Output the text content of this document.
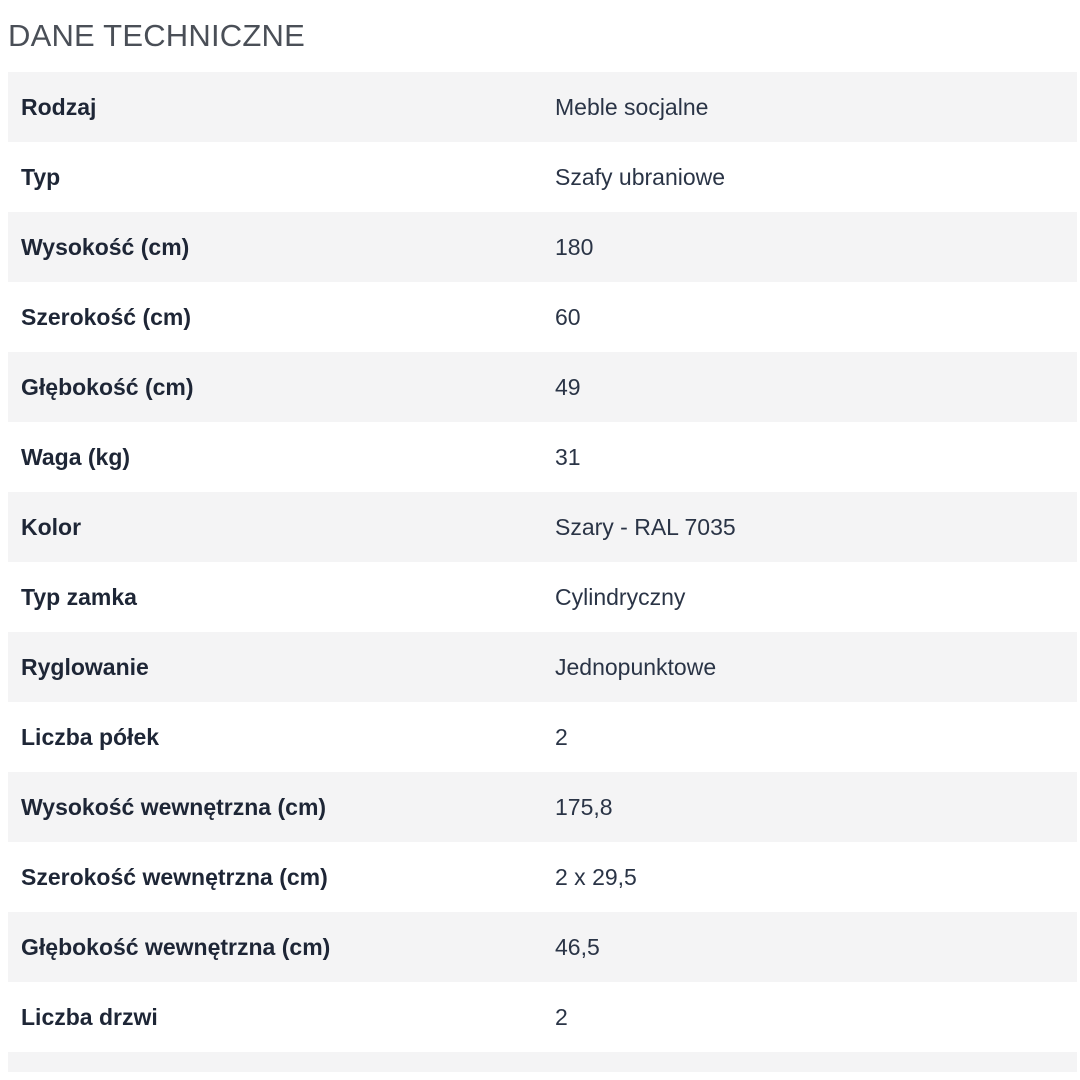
DANE TECHNICZNE
Rodzaj	Meble socjalne
Typ	Szafy ubraniowe
Wysokość (cm)	180
Szerokość (cm)	60
Głębokość (cm)	49
Waga (kg)	31
Kolor	Szary - RAL 7035
Typ zamka	Cylindryczny
Ryglowanie	Jednopunktowe
Liczba półek	2
Wysokość wewnętrzna (cm)	175,8
Szerokość wewnętrzna (cm)	2 x 29,5
Głębokość wewnętrzna (cm)	46,5
Liczba drzwi	2
